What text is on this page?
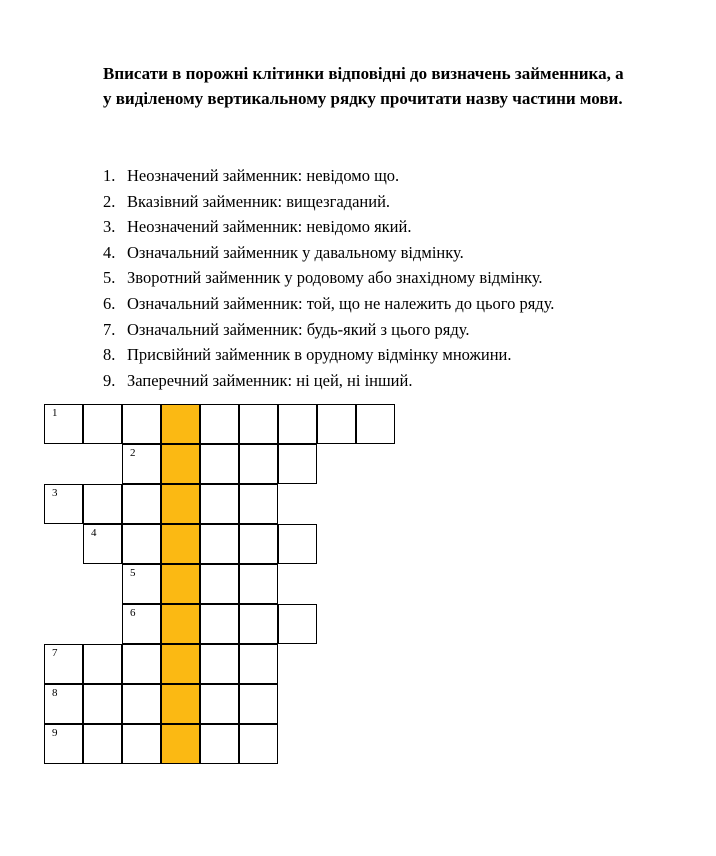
Вписати в порожні клітинки відповідні до визначень займенника, а
у виділеному вертикальному рядку прочитати назву частини мови.

1. Неозначений займенник: невідомо що.
2. Вказівний займенник: вищезгаданий.
3. Неозначений займенник: невідомо який.
4. Означальний займенник у давальному відмінку.
5. Зворотний займенник у родовому або знахідному відмінку.
6. Означальний займенник: той, що не належить до цього ряду.
7. Означальний займенник: будь-який з цього ряду.
8. Присвійний займенник в орудному відмінку множини.
9. Заперечний займенник: ні цей, ні інший.
1
2
3
4
5
6
7
8
9
